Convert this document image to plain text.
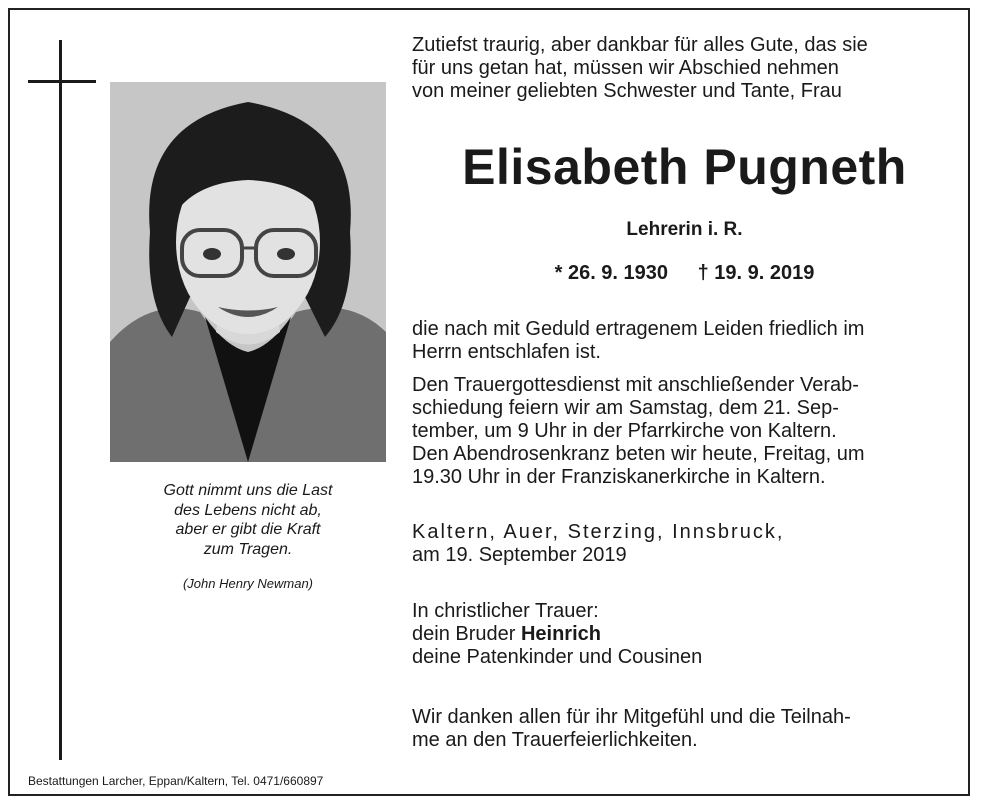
Gott nimmt uns die Last
des Lebens nicht ab,
aber er gibt die Kraft
zum Tragen.
(John Henry Newman)

Zutiefst traurig, aber dankbar für alles Gute, das sie

für uns getan hat, müssen wir Abschied nehmen

von meiner geliebten Schwester und Tante, Frau

Elisabeth Pugneth
Lehrerin i. R.
* 26. 9. 1930 † 19. 9. 2019

die nach mit Geduld ertragenem Leiden friedlich im

Herrn entschlafen ist.

Den Trauergottesdienst mit anschließender Verab-

schiedung feiern wir am Samstag, dem 21. Sep-

tember, um 9 Uhr in der Pfarrkirche von Kaltern.

Den Abendrosenkranz beten wir heute, Freitag, um

19.30 Uhr in der Franziskanerkirche in Kaltern.

Kaltern, Auer, Sterzing, Innsbruck,

am 19. September 2019

In christlicher Trauer:

dein Bruder Heinrich

deine Patenkinder und Cousinen

Wir danken allen für ihr Mitgefühl und die Teilnah-

me an den Trauerfeierlichkeiten.

Bestattungen Larcher, Eppan/Kaltern, Tel. 0471/660897
